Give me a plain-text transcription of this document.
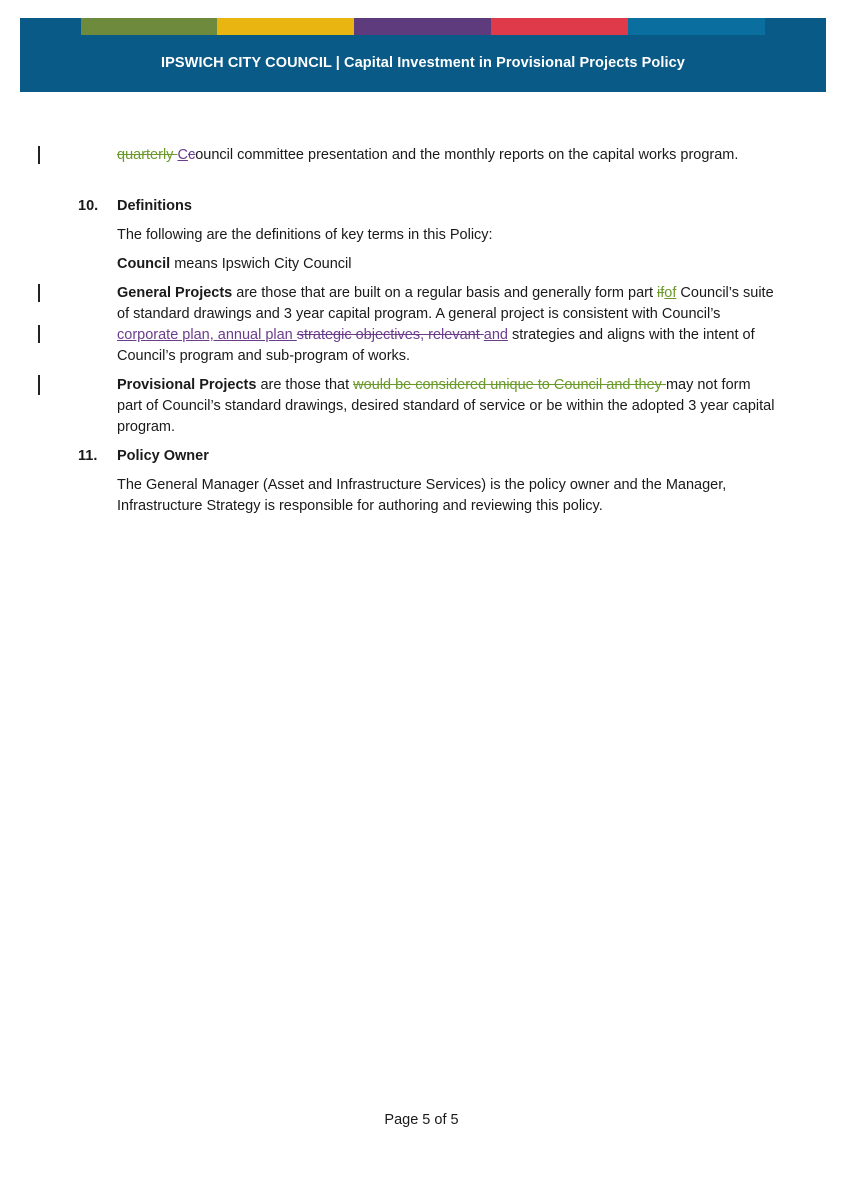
IPSWICH CITY COUNCIL | Capital Investment in Provisional Projects Policy
quarterly Ccouncil committee presentation and the monthly reports on the capital works program.
10. Definitions
The following are the definitions of key terms in this Policy:
Council means Ipswich City Council
General Projects are those that are built on a regular basis and generally form part ifof Council’s suite of standard drawings and 3 year capital program. A general project is consistent with Council’s corporate plan, annual plan strategic objectives, relevant and strategies and aligns with the intent of Council’s program and sub-program of works.
Provisional Projects are those that would be considered unique to Council and they may not form part of Council’s standard drawings, desired standard of service or be within the adopted 3 year capital program.
11. Policy Owner
The General Manager (Asset and Infrastructure Services) is the policy owner and the Manager, Infrastructure Strategy is responsible for authoring and reviewing this policy.
Page 5 of 5
